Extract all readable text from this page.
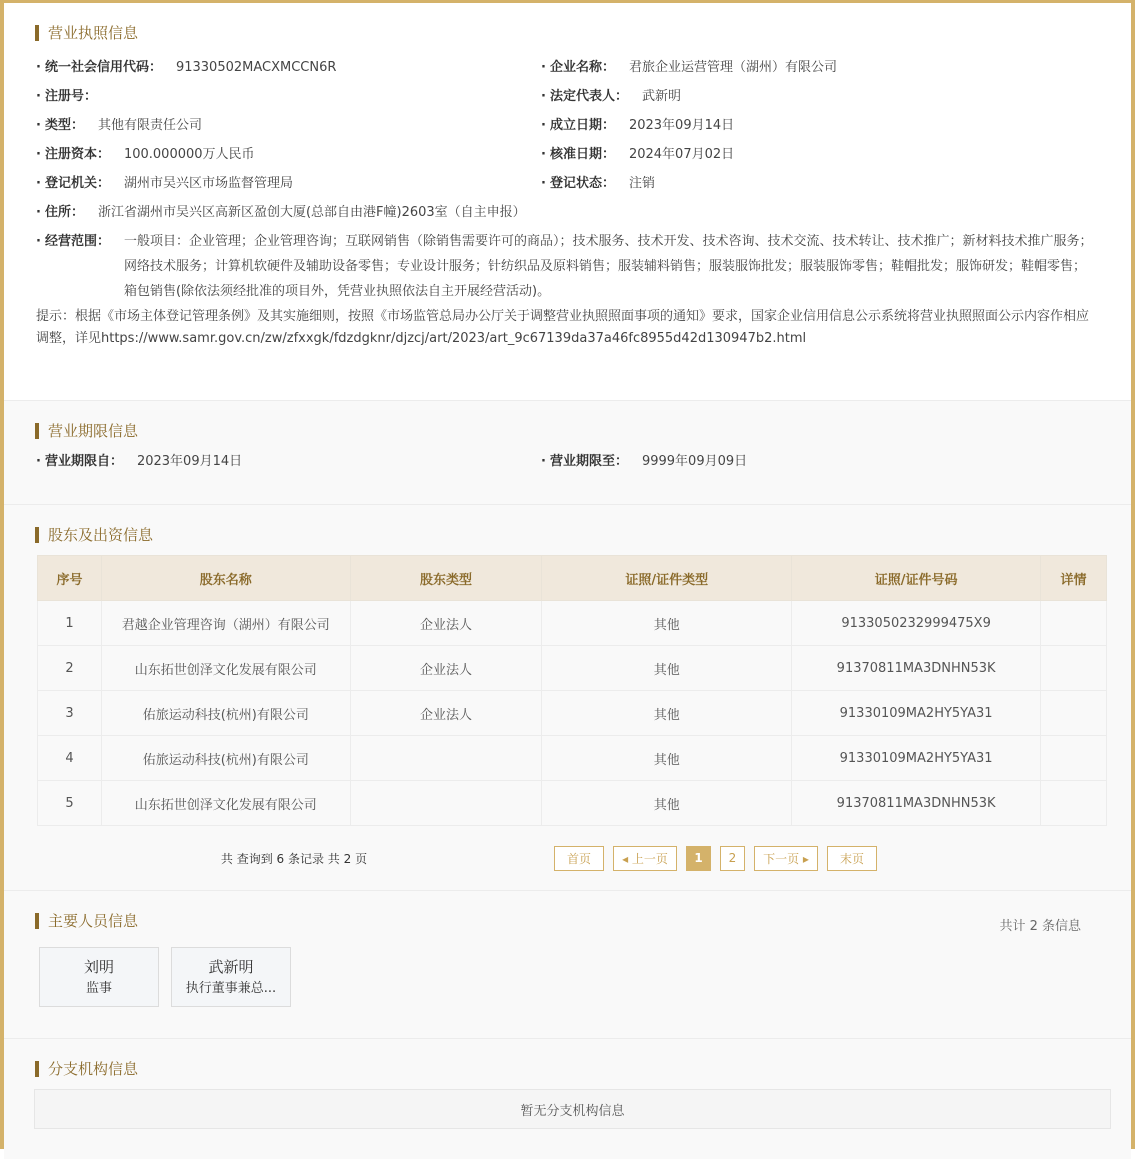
营业执照信息
· 统一社会信用代码： 91330502MACXMCCN6R	· 企业名称： 君旅企业运营管理（湖州）有限公司
· 注册号：	· 法定代表人： 武新明
· 类型： 其他有限责任公司	· 成立日期： 2023年09月14日
· 注册资本： 100.000000万人民币	· 核准日期： 2024年07月02日
· 登记机关： 湖州市吴兴区市场监督管理局	· 登记状态： 注销
· 住所： 浙江省湖州市吴兴区高新区盈创大厦(总部自由港F幢)2603室（自主申报）
· 经营范围： 一般项目：企业管理；企业管理咨询；互联网销售（除销售需要许可的商品）；技术服务、技术开发、技术咨询、技术交流、技术转让、技术推广；新材料技术推广服务；网络技术服务；计算机软硬件及辅助设备零售；专业设计服务；针纺织品及原料销售；服装辅料销售；服装服饰批发；服装服饰零售；鞋帽批发；服饰研发；鞋帽零售；箱包销售(除依法须经批准的项目外，凭营业执照依法自主开展经营活动)。
提示：根据《市场主体登记管理条例》及其实施细则，按照《市场监管总局办公厅关于调整营业执照照面事项的通知》要求，国家企业信用信息公示系统将营业执照照面公示内容作相应调整，详见https://www.samr.gov.cn/zw/zfxxgk/fdzdgknr/djzcj/art/2023/art_9c67139da37a46fc8955d42d130947b2.html
营业期限信息
· 营业期限自： 2023年09月14日	· 营业期限至： 9999年09月09日
股东及出资信息
序号	股东名称	股东类型	证照/证件类型	证照/证件号码	详情
1	君越企业管理咨询（湖州）有限公司	企业法人	其他	9133050232999475X9	
2	山东拓世创泽文化发展有限公司	企业法人	其他	91370811MA3DNHN53K	
3	佑旅运动科技(杭州)有限公司	企业法人	其他	91330109MA2HY5YA31	
4	佑旅运动科技(杭州)有限公司		其他	91330109MA2HY5YA31	
5	山东拓世创泽文化发展有限公司		其他	91370811MA3DNHN53K	
共 查询到 6 条记录 共 2 页	首页	◂ 上一页	1	2	下一页 ▸	末页
主要人员信息	共计 2 条信息
刘明
监事
武新明
执行董事兼总...
分支机构信息
暂无分支机构信息
